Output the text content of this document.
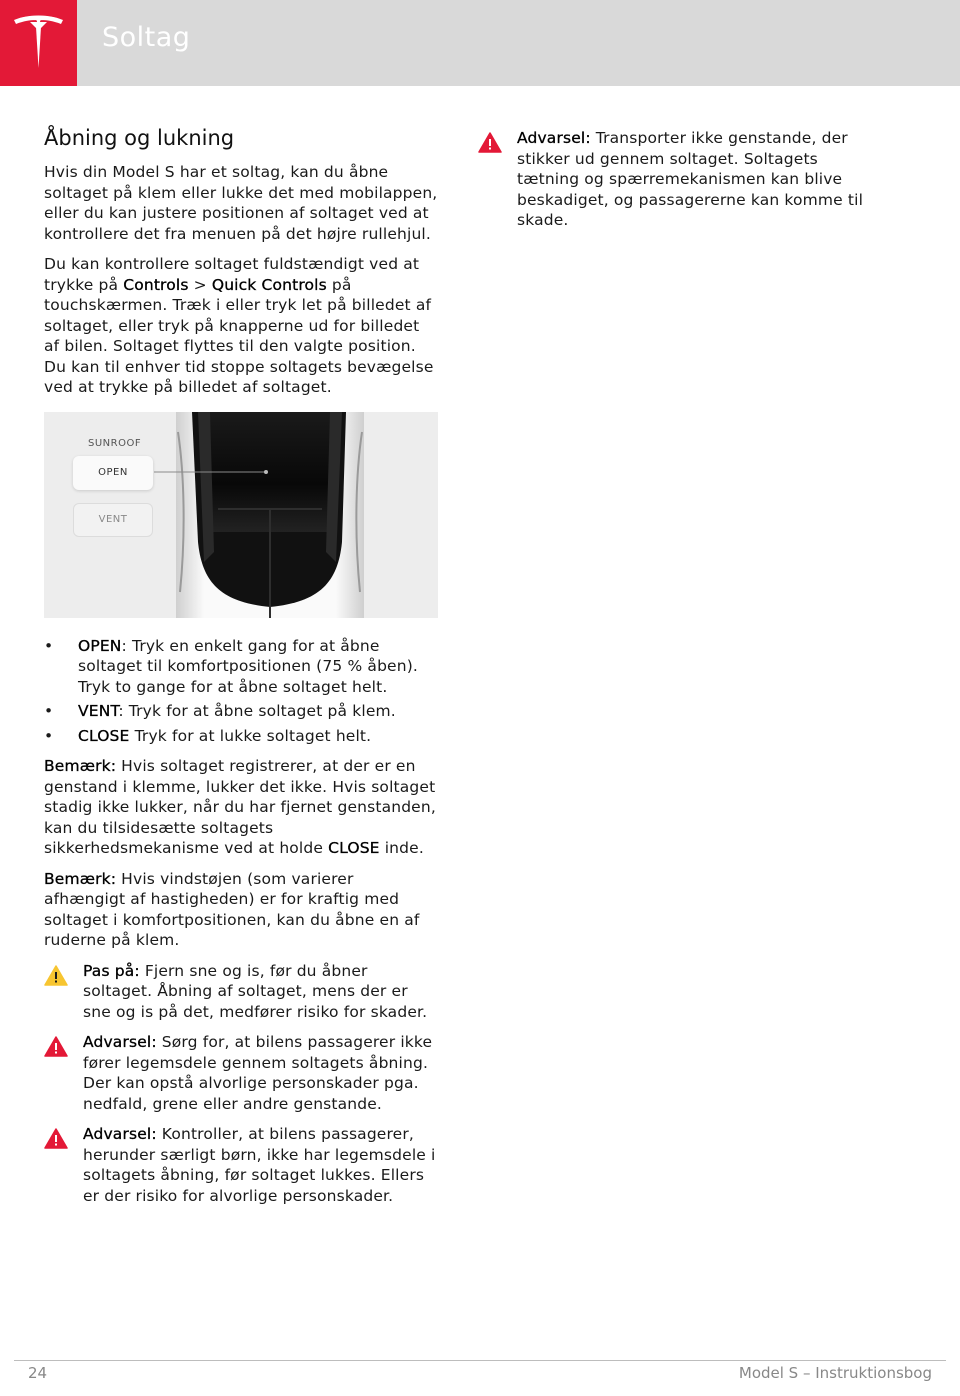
Soltag
Åbning og lukning

Hvis din Model S har et soltag, kan du åbne soltaget på klem eller lukke det med mobilappen, eller du kan justere positionen af soltaget ved at kontrollere det fra menuen på det højre rullehjul.

Du kan kontrollere soltaget fuldstændigt ved at trykke på Controls > Quick Controls på touchskærmen. Træk i eller tryk let på billedet af soltaget, eller tryk på knapperne ud for billedet af bilen. Soltaget flyttes til den valgte position. Du kan til enhver tid stoppe soltagets bevægelse ved at trykke på billedet af soltaget.

SUNROOF
OPEN
VENT
• OPEN: Tryk en enkelt gang for at åbne soltaget til komfortpositionen (75 % åben). Tryk to gange for at åbne soltaget helt.
• VENT: Tryk for at åbne soltaget på klem.
• CLOSE Tryk for at lukke soltaget helt.

Bemærk: Hvis soltaget registrerer, at der er en genstand i klemme, lukker det ikke. Hvis soltaget stadig ikke lukker, når du har fjernet genstanden, kan du tilsidesætte soltagets sikkerhedsmekanisme ved at holde CLOSE inde.

Bemærk: Hvis vindstøjen (som varierer afhængigt af hastigheden) er for kraftig med soltaget i komfortpositionen, kan du åbne en af ruderne på klem.

Pas på: Fjern sne og is, før du åbner soltaget. Åbning af soltaget, mens der er sne og is på det, medfører risiko for skader.

Advarsel: Sørg for, at bilens passagerer ikke fører legemsdele gennem soltagets åbning. Der kan opstå alvorlige personskader pga. nedfald, grene eller andre genstande.

Advarsel: Kontroller, at bilens passagerer, herunder særligt børn, ikke har legemsdele i soltagets åbning, før soltaget lukkes. Ellers er der risiko for alvorlige personskader.

Advarsel: Transporter ikke genstande, der stikker ud gennem soltaget. Soltagets tætning og spærremekanismen kan blive beskadiget, og passagererne kan komme til skade.

24	Model S – Instruktionsbog
